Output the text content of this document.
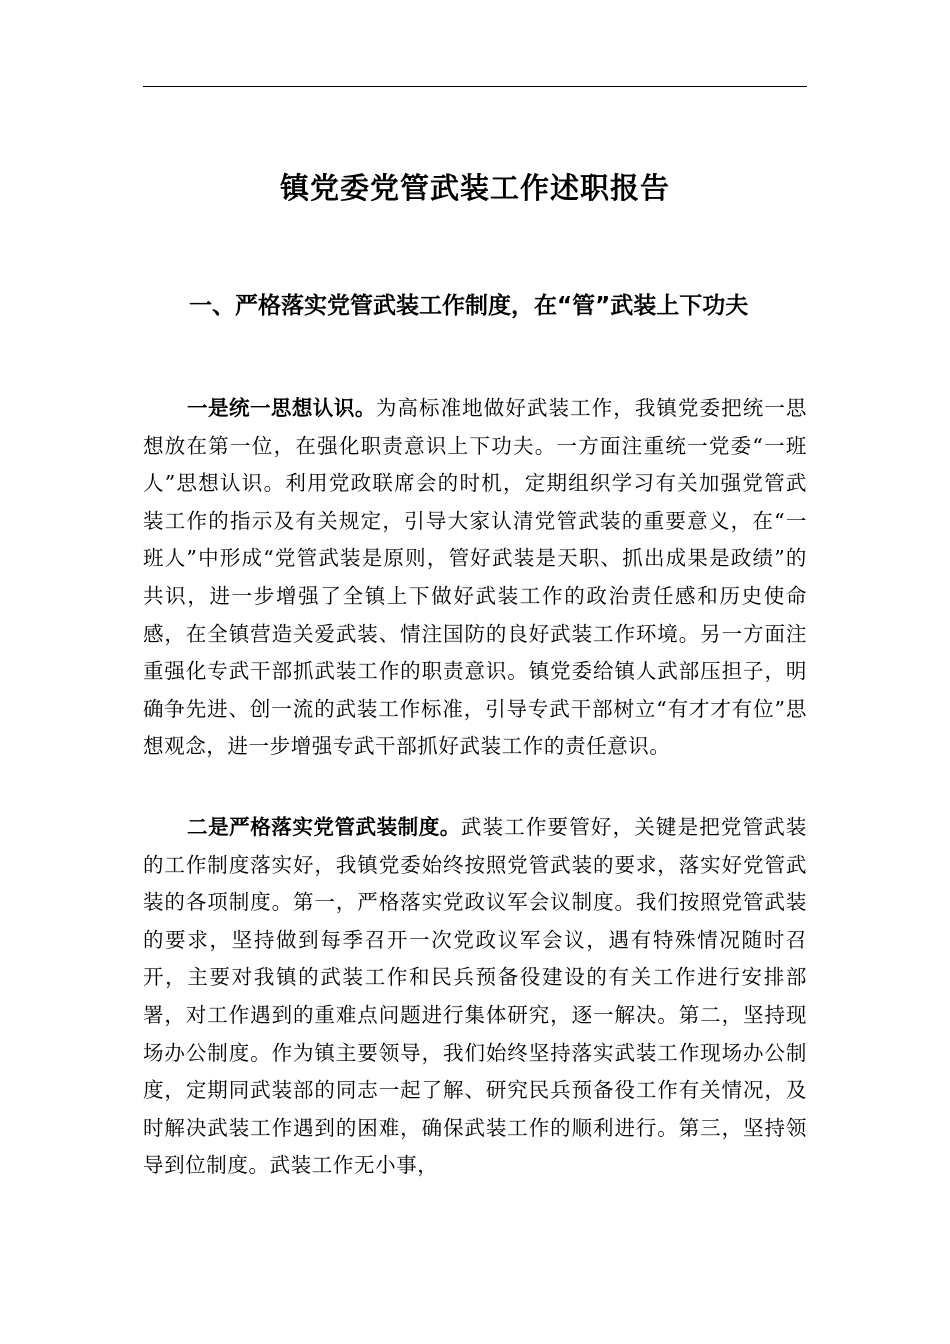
镇党委党管武装工作述职报告
一、严格落实党管武装工作制度，在“管”武装上下功夫

一是统一思想认识。为高标准地做好武装工作，我镇党委把统一思想放在第一位，在强化职责意识上下功夫。一方面注重统一党委“一班人”思想认识。利用党政联席会的时机，定期组织学习有关加强党管武装工作的指示及有关规定，引导大家认清党管武装的重要意义，在“一班人”中形成“党管武装是原则，管好武装是天职、抓出成果是政绩”的共识，进一步增强了全镇上下做好武装工作的政治责任感和历史使命感，在全镇营造关爱武装、情注国防的良好武装工作环境。另一方面注重强化专武干部抓武装工作的职责意识。镇党委给镇人武部压担子，明确争先进、创一流的武装工作标准，引导专武干部树立“有才才有位”思想观念，进一步增强专武干部抓好武装工作的责任意识。

二是严格落实党管武装制度。武装工作要管好，关键是把党管武装的工作制度落实好，我镇党委始终按照党管武装的要求，落实好党管武装的各项制度。第一，严格落实党政议军会议制度。我们按照党管武装的要求，坚持做到每季召开一次党政议军会议，遇有特殊情况随时召开，主要对我镇的武装工作和民兵预备役建设的有关工作进行安排部署，对工作遇到的重难点问题进行集体研究，逐一解决。第二，坚持现场办公制度。作为镇主要领导，我们始终坚持落实武装工作现场办公制度，定期同武装部的同志一起了解、研究民兵预备役工作有关情况，及时解决武装工作遇到的困难，确保武装工作的顺利进行。第三，坚持领导到位制度。武装工作无小事，
